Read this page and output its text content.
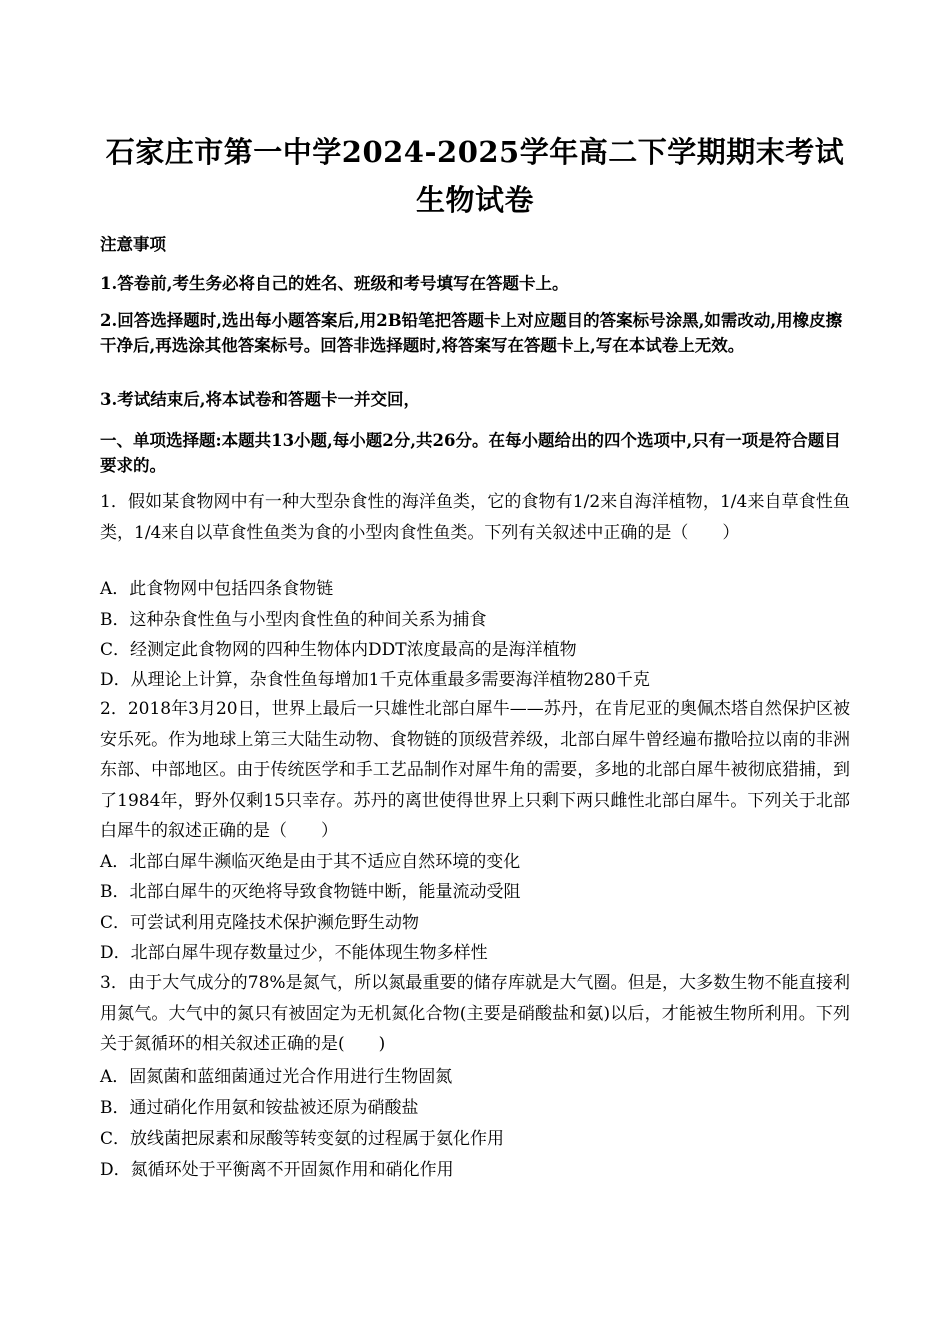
石家庄市第一中学2024-2025学年高二下学期期末考试
生物试卷
注意事项
1.答卷前,考生务必将自己的姓名、班级和考号填写在答题卡上。
2.回答选择题时,选出每小题答案后,用2B铅笔把答题卡上对应题目的答案标号涂黑,如需改动,用橡皮擦干净后,再选涂其他答案标号。回答非选择题时,将答案写在答题卡上,写在本试卷上无效。
3.考试结束后,将本试卷和答题卡一并交回，
一、单项选择题:本题共13小题,每小题2分,共26分。在每小题给出的四个选项中,只有一项是符合题目要求的。
1．假如某食物网中有一种大型杂食性的海洋鱼类，它的食物有1/2来自海洋植物，1/4来自草食性鱼类，1/4来自以草食性鱼类为食的小型肉食性鱼类。下列有关叙述中正确的是（　　）
A．此食物网中包括四条食物链
B．这种杂食性鱼与小型肉食性鱼的种间关系为捕食
C．经测定此食物网的四种生物体内DDT浓度最高的是海洋植物
D．从理论上计算，杂食性鱼每增加1千克体重最多需要海洋植物280千克
2．2018年3月20日，世界上最后一只雄性北部白犀牛——苏丹，在肯尼亚的奥佩杰塔自然保护区被安乐死。作为地球上第三大陆生动物、食物链的顶级营养级，北部白犀牛曾经遍布撒哈拉以南的非洲东部、中部地区。由于传统医学和手工艺品制作对犀牛角的需要，多地的北部白犀牛被彻底猎捕，到了1984年，野外仅剩15只幸存。苏丹的离世使得世界上只剩下两只雌性北部白犀牛。下列关于北部白犀牛的叙述正确的是（　　）
A．北部白犀牛濒临灭绝是由于其不适应自然环境的变化
B．北部白犀牛的灭绝将导致食物链中断，能量流动受阻
C．可尝试利用克隆技术保护濒危野生动物
D．北部白犀牛现存数量过少，不能体现生物多样性
3．由于大气成分的78%是氮气，所以氮最重要的储存库就是大气圈。但是，大多数生物不能直接利用氮气。大气中的氮只有被固定为无机氮化合物(主要是硝酸盐和氨)以后，才能被生物所利用。下列关于氮循环的相关叙述正确的是(　　)
A．固氮菌和蓝细菌通过光合作用进行生物固氮
B．通过硝化作用氨和铵盐被还原为硝酸盐
C．放线菌把尿素和尿酸等转变氨的过程属于氨化作用
D．氮循环处于平衡离不开固氮作用和硝化作用
